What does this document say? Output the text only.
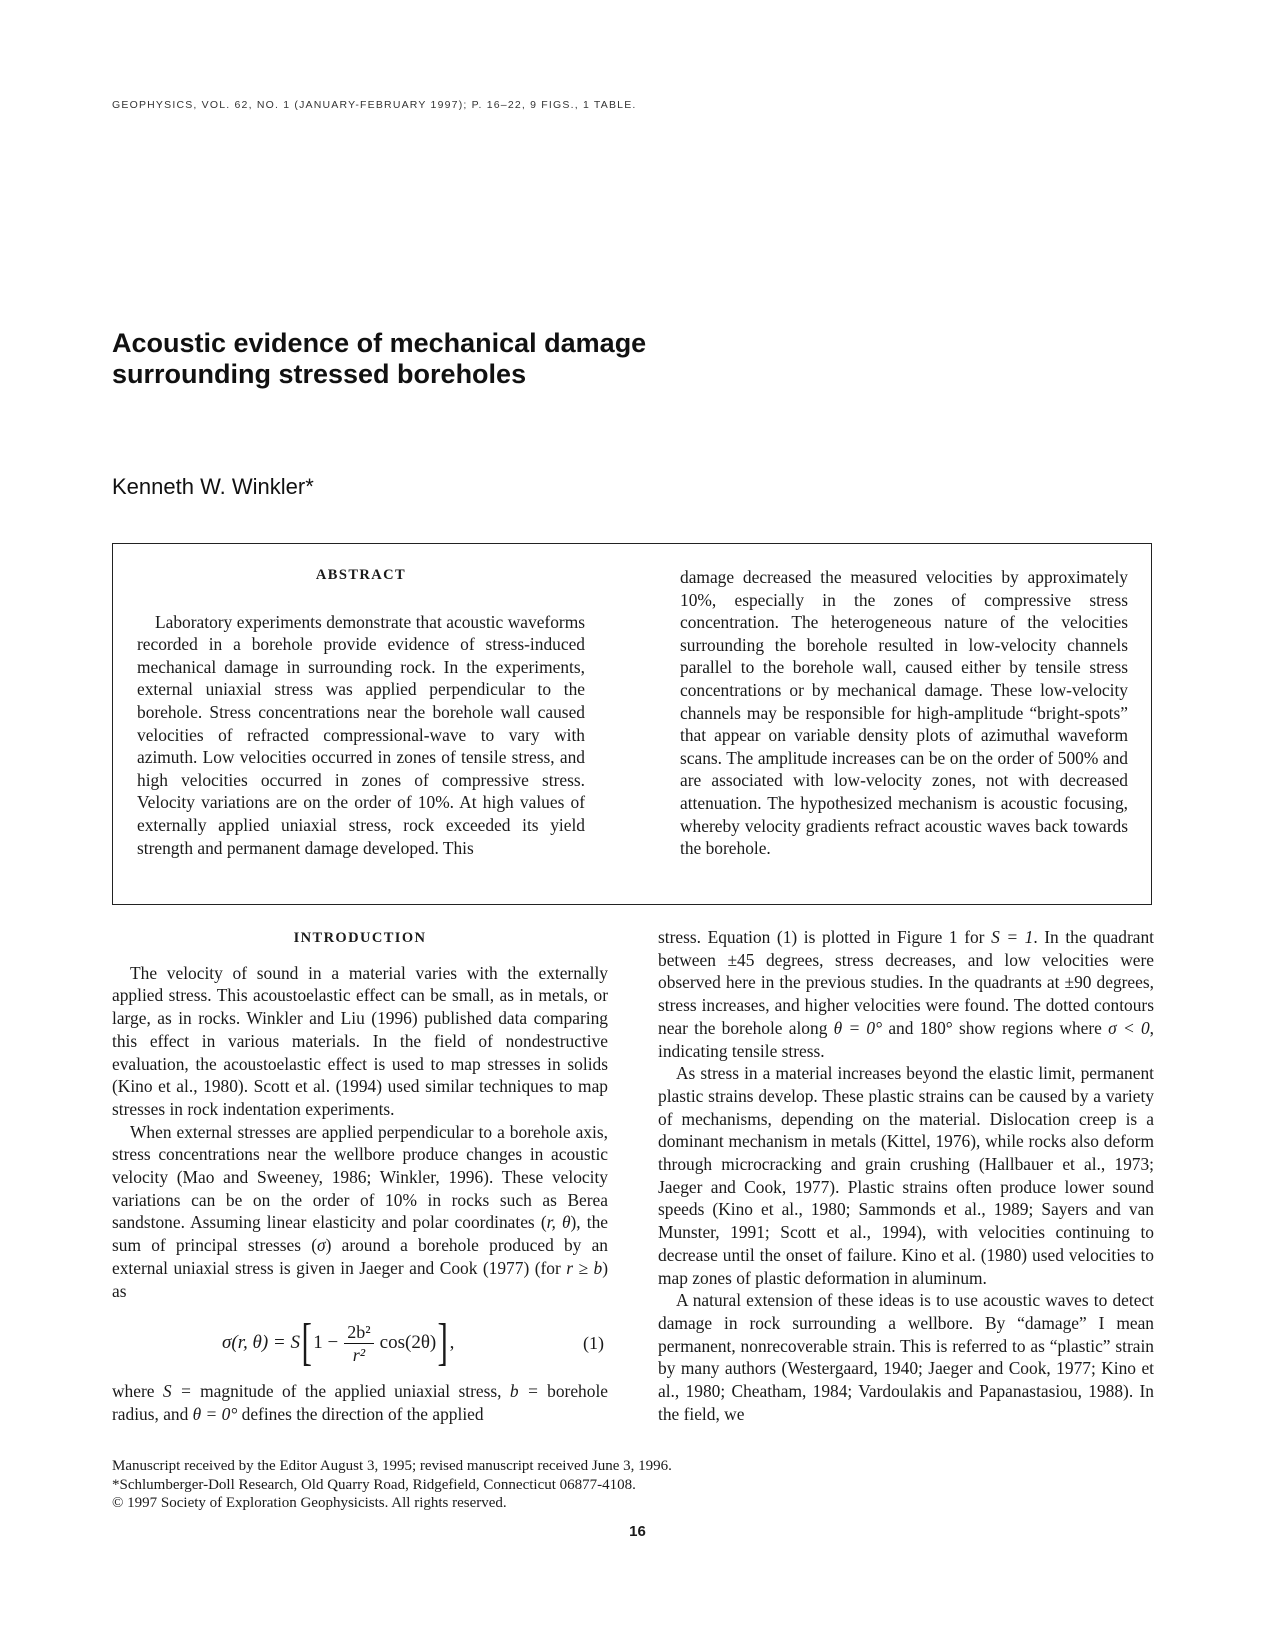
GEOPHYSICS, VOL. 62, NO. 1 (JANUARY-FEBRUARY 1997); P. 16–22, 9 FIGS., 1 TABLE.
Acoustic evidence of mechanical damage
surrounding stressed boreholes
Kenneth W. Winkler*
ABSTRACT

Laboratory experiments demonstrate that acoustic waveforms recorded in a borehole provide evidence of stress-induced mechanical damage in surrounding rock. In the experiments, external uniaxial stress was applied perpendicular to the borehole. Stress concentrations near the borehole wall caused velocities of refracted compressional-wave to vary with azimuth. Low velocities occurred in zones of tensile stress, and high velocities occurred in zones of compressive stress. Velocity variations are on the order of 10%. At high values of externally applied uniaxial stress, rock exceeded its yield strength and permanent damage developed. This

damage decreased the measured velocities by approximately 10%, especially in the zones of compressive stress concentration. The heterogeneous nature of the velocities surrounding the borehole resulted in low-velocity channels parallel to the borehole wall, caused either by tensile stress concentrations or by mechanical damage. These low-velocity channels may be responsible for high-amplitude “bright-spots” that appear on variable density plots of azimuthal waveform scans. The amplitude increases can be on the order of 500% and are associated with low-velocity zones, not with decreased attenuation. The hypothesized mechanism is acoustic focusing, whereby velocity gradients refract acoustic waves back towards the borehole.

INTRODUCTION

The velocity of sound in a material varies with the externally applied stress. This acoustoelastic effect can be small, as in metals, or large, as in rocks. Winkler and Liu (1996) published data comparing this effect in various materials. In the field of nondestructive evaluation, the acoustoelastic effect is used to map stresses in solids (Kino et al., 1980). Scott et al. (1994) used similar techniques to map stresses in rock indentation experiments.

When external stresses are applied perpendicular to a borehole axis, stress concentrations near the wellbore produce changes in acoustic velocity (Mao and Sweeney, 1986; Winkler, 1996). These velocity variations can be on the order of 10% in rocks such as Berea sandstone. Assuming linear elasticity and polar coordinates (r, θ), the sum of principal stresses (σ) around a borehole produced by an external uniaxial stress is given in Jaeger and Cook (1977) (for r ≥ b) as

σ(r, θ) = S [ $1 - \frac{\text{2b²}}{\text{r²}} \cos(2\theta)$ ] ,	(1)

where S = magnitude of the applied uniaxial stress, b = borehole radius, and θ = 0° defines the direction of the applied

stress. Equation (1) is plotted in Figure 1 for S = 1. In the quadrant between ±45 degrees, stress decreases, and low velocities were observed here in the previous studies. In the quadrants at ±90 degrees, stress increases, and higher velocities were found. The dotted contours near the borehole along θ = 0° and 180° show regions where σ < 0, indicating tensile stress.

As stress in a material increases beyond the elastic limit, permanent plastic strains develop. These plastic strains can be caused by a variety of mechanisms, depending on the material. Dislocation creep is a dominant mechanism in metals (Kittel, 1976), while rocks also deform through microcracking and grain crushing (Hallbauer et al., 1973; Jaeger and Cook, 1977). Plastic strains often produce lower sound speeds (Kino et al., 1980; Sammonds et al., 1989; Sayers and van Munster, 1991; Scott et al., 1994), with velocities continuing to decrease until the onset of failure. Kino et al. (1980) used velocities to map zones of plastic deformation in aluminum.

A natural extension of these ideas is to use acoustic waves to detect damage in rock surrounding a wellbore. By “damage” I mean permanent, nonrecoverable strain. This is referred to as “plastic” strain by many authors (Westergaard, 1940; Jaeger and Cook, 1977; Kino et al., 1980; Cheatham, 1984; Vardoulakis and Papanastasiou, 1988). In the field, we

Manuscript received by the Editor August 3, 1995; revised manuscript received June 3, 1996.
*Schlumberger-Doll Research, Old Quarry Road, Ridgefield, Connecticut 06877-4108.
© 1997 Society of Exploration Geophysicists. All rights reserved.
16
